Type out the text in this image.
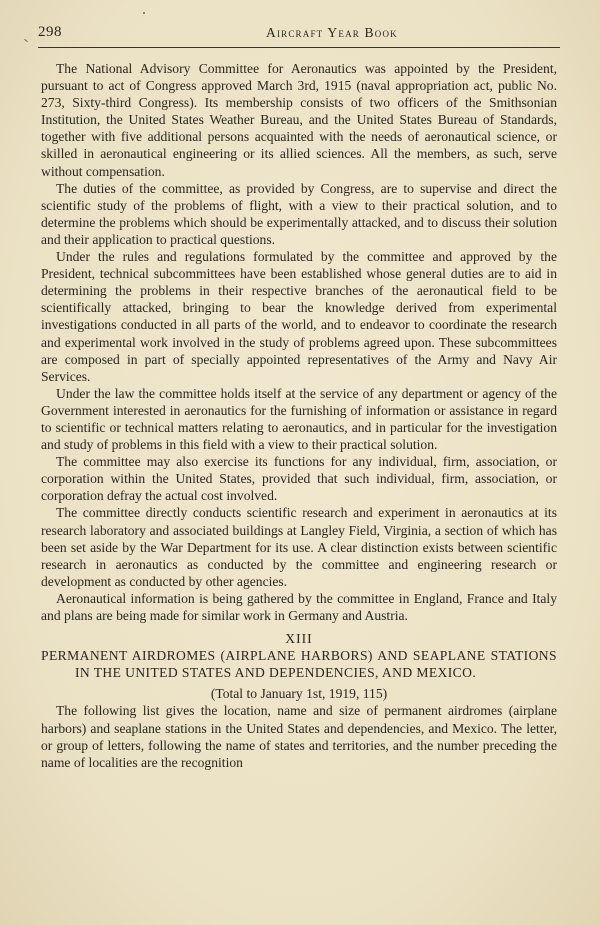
298	Aircraft Year Book

The National Advisory Committee for Aeronautics was appointed by the President, pursuant to act of Congress approved March 3rd, 1915 (naval appropriation act, public No. 273, Sixty-third Congress). Its membership consists of two officers of the Smithsonian Institution, the United States Weather Bureau, and the United States Bureau of Standards, together with five additional persons acquainted with the needs of aeronautical science, or skilled in aeronautical engineering or its allied sciences. All the members, as such, serve without compensation.

The duties of the committee, as provided by Congress, are to supervise and direct the scientific study of the problems of flight, with a view to their practical solution, and to determine the problems which should be experimentally attacked, and to discuss their solution and their application to practical questions.

Under the rules and regulations formulated by the committee and approved by the President, technical subcommittees have been established whose general duties are to aid in determining the problems in their respective branches of the aeronautical field to be scientifically attacked, bringing to bear the knowledge derived from experimental investigations conducted in all parts of the world, and to endeavor to coordinate the research and experimental work involved in the study of problems agreed upon. These subcommittees are composed in part of specially appointed representatives of the Army and Navy Air Services.

Under the law the committee holds itself at the service of any department or agency of the Government interested in aeronautics for the furnishing of information or assistance in regard to scientific or technical matters relating to aeronautics, and in particular for the investigation and study of problems in this field with a view to their practical solution.

The committee may also exercise its functions for any individual, firm, association, or corporation within the United States, provided that such individual, firm, association, or corporation defray the actual cost involved.

The committee directly conducts scientific research and experiment in aeronautics at its research laboratory and associated buildings at Langley Field, Virginia, a section of which has been set aside by the War Department for its use. A clear distinction exists between scientific research in aeronautics as conducted by the committee and engineering research or development as conducted by other agencies.

Aeronautical information is being gathered by the committee in England, France and Italy and plans are being made for similar work in Germany and Austria.

XIII
PERMANENT AIRDROMES (AIRPLANE HARBORS) AND SEAPLANE STATIONS IN THE UNITED STATES AND DEPENDENCIES, AND MEXICO.
(Total to January 1st, 1919, 115)

The following list gives the location, name and size of permanent airdromes (airplane harbors) and seaplane stations in the United States and dependencies, and Mexico. The letter, or group of letters, following the name of states and territories, and the number preceding the name of localities are the recognition
